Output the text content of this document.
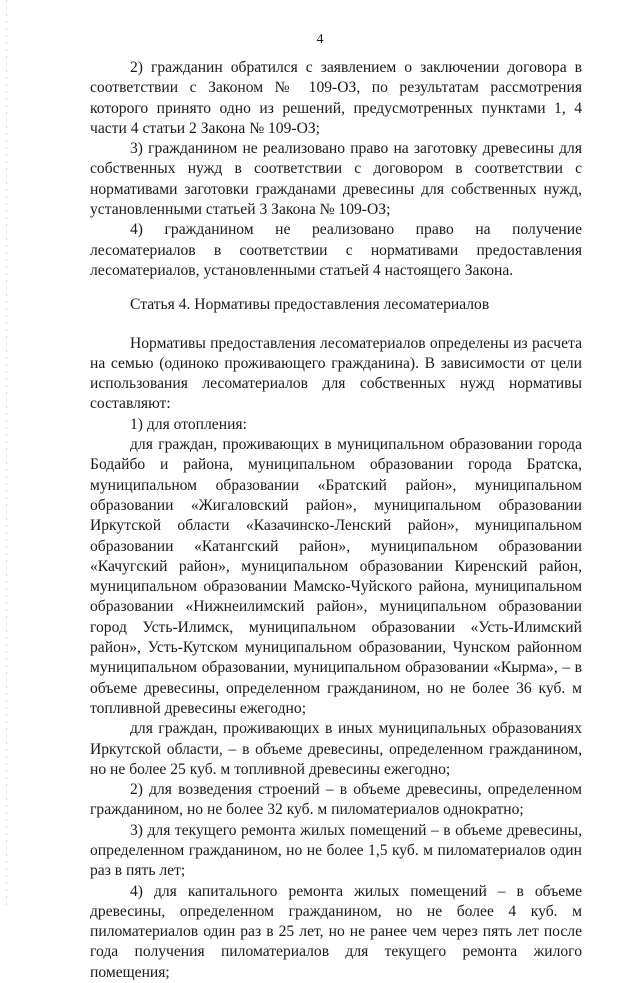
4

2) гражданин обратился с заявлением о заключении договора в соответствии с Законом № 109-ОЗ, по результатам рассмотрения которого принято одно из решений, предусмотренных пунктами 1, 4 части 4 статьи 2 Закона № 109-ОЗ;

3) гражданином не реализовано право на заготовку древесины для собственных нужд в соответствии с договором в соответствии с нормативами заготовки гражданами древесины для собственных нужд, установленными статьей 3 Закона № 109-ОЗ;

4) гражданином не реализовано право на получение лесоматериалов в соответствии с нормативами предоставления лесоматериалов, установленными статьей 4 настоящего Закона.

Статья 4. Нормативы предоставления лесоматериалов

Нормативы предоставления лесоматериалов определены из расчета на семью (одиноко проживающего гражданина). В зависимости от цели использования лесоматериалов для собственных нужд нормативы составляют:

1) для отопления:

для граждан, проживающих в муниципальном образовании города Бодайбо и района, муниципальном образовании города Братска, муниципальном образовании «Братский район», муниципальном образовании «Жигаловский район», муниципальном образовании Иркутской области «Казачинско-Ленский район», муниципальном образовании «Катангский район», муниципальном образовании «Качугский район», муниципальном образовании Киренский район, муниципальном образовании Мамско-Чуйского района, муниципальном образовании «Нижнеилимский район», муниципальном образовании город Усть-Илимск, муниципальном образовании «Усть-Илимский район», Усть-Кутском муниципальном образовании, Чунском районном муниципальном образовании, муниципальном образовании «Кырма», – в объеме древесины, определенном гражданином, но не более 36 куб. м топливной древесины ежегодно;

для граждан, проживающих в иных муниципальных образованиях Иркутской области, – в объеме древесины, определенном гражданином, но не более 25 куб. м топливной древесины ежегодно;

2) для возведения строений – в объеме древесины, определенном гражданином, но не более 32 куб. м пиломатериалов однократно;

3) для текущего ремонта жилых помещений – в объеме древесины, определенном гражданином, но не более 1,5 куб. м пиломатериалов один раз в пять лет;

4) для капитального ремонта жилых помещений – в объеме древесины, определенном гражданином, но не более 4 куб. м пиломатериалов один раз в 25 лет, но не ранее чем через пять лет после года получения пиломатериалов для текущего ремонта жилого помещения;
